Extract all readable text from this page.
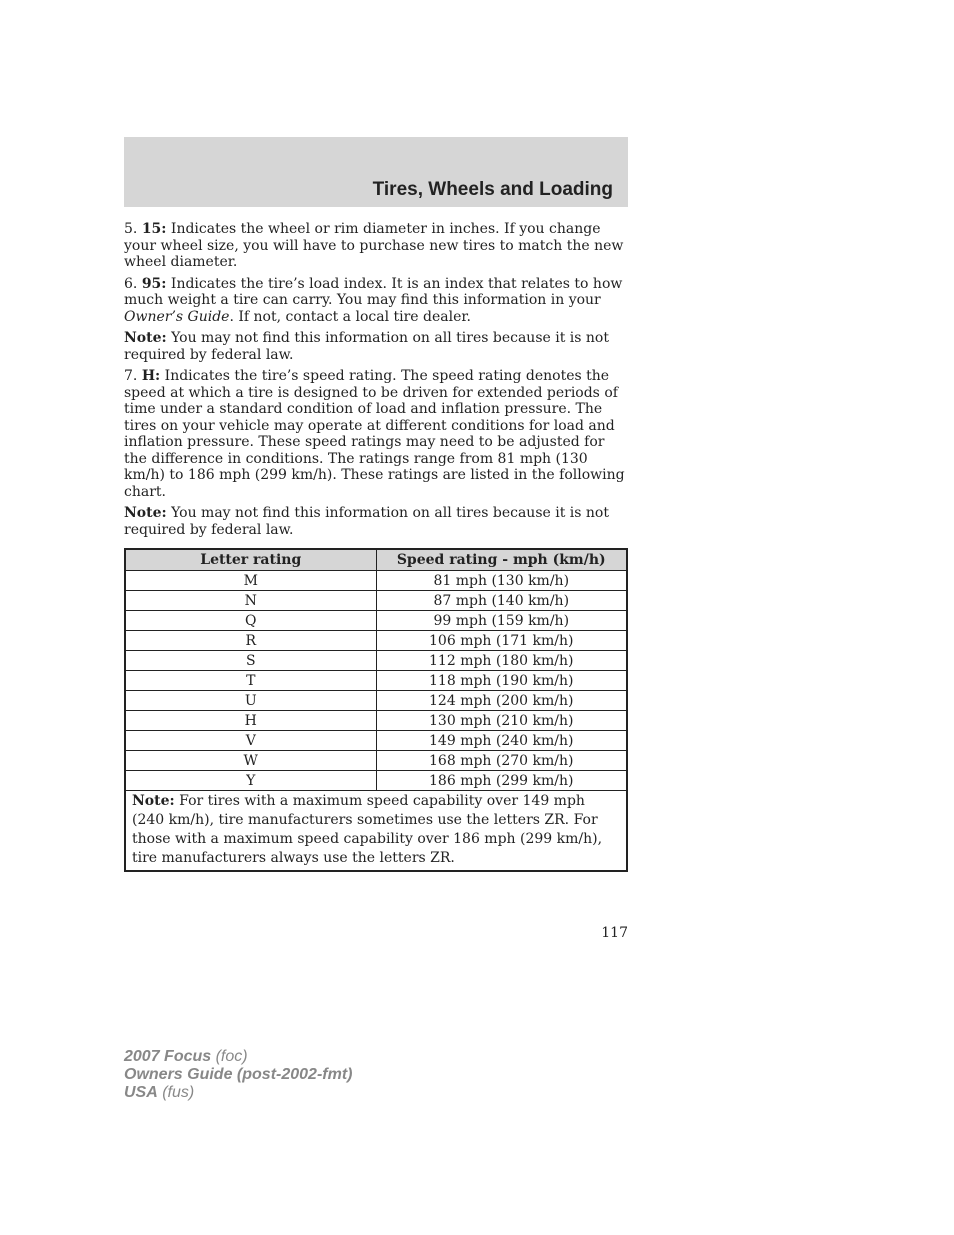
Tires, Wheels and Loading

5. 15: Indicates the wheel or rim diameter in inches. If you change your wheel size, you will have to purchase new tires to match the new wheel diameter.

6. 95: Indicates the tire’s load index. It is an index that relates to how much weight a tire can carry. You may find this information in your Owner’s Guide. If not, contact a local tire dealer.

Note: You may not find this information on all tires because it is not required by federal law.

7. H: Indicates the tire’s speed rating. The speed rating denotes the speed at which a tire is designed to be driven for extended periods of time under a standard condition of load and inflation pressure. The tires on your vehicle may operate at different conditions for load and inflation pressure. These speed ratings may need to be adjusted for the difference in conditions. The ratings range from 81 mph (130 km/h) to 186 mph (299 km/h). These ratings are listed in the following chart.

Note: You may not find this information on all tires because it is not required by federal law.

Letter rating	Speed rating - mph (km/h)
M	81 mph (130 km/h)
N	87 mph (140 km/h)
Q	99 mph (159 km/h)
R	106 mph (171 km/h)
S	112 mph (180 km/h)
T	118 mph (190 km/h)
U	124 mph (200 km/h)
H	130 mph (210 km/h)
V	149 mph (240 km/h)
W	168 mph (270 km/h)
Y	186 mph (299 km/h)
Note: For tires with a maximum speed capability over 149 mph (240 km/h), tire manufacturers sometimes use the letters ZR. For those with a maximum speed capability over 186 mph (299 km/h), tire manufacturers always use the letters ZR.	
117
2007 Focus (foc)
Owners Guide (post-2002-fmt)
USA (fus)
